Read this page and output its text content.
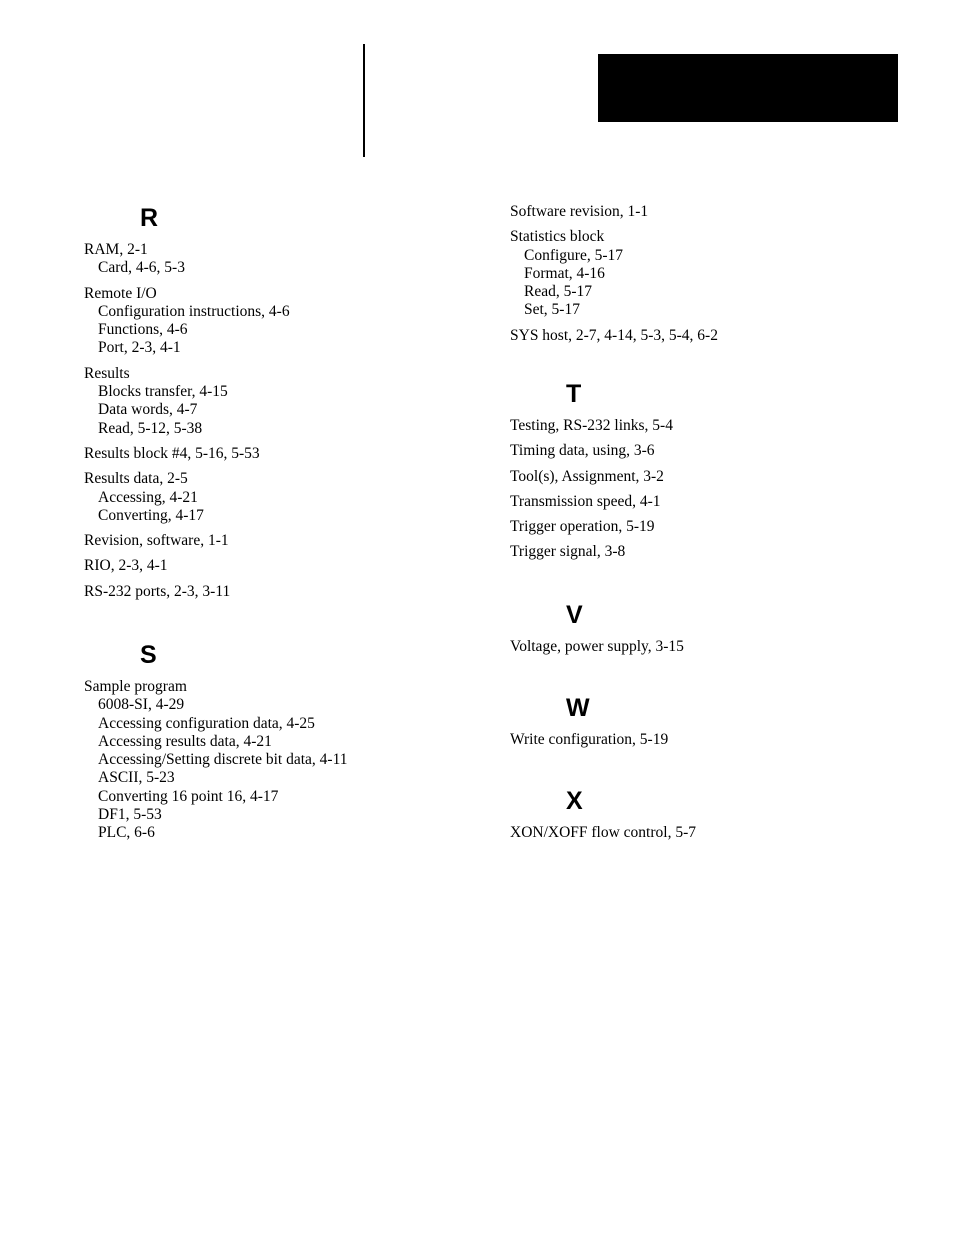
R
RAM, 2-1
Card, 4-6, 5-3
Remote I/O
Configuration instructions, 4-6
Functions, 4-6
Port, 2-3, 4-1
Results
Blocks transfer, 4-15
Data words, 4-7
Read, 5-12, 5-38
Results block #4, 5-16, 5-53
Results data, 2-5
Accessing, 4-21
Converting, 4-17
Revision, software, 1-1
RIO, 2-3, 4-1
RS-232 ports, 2-3, 3-11
S
Sample program
6008-SI, 4-29
Accessing configuration data, 4-25
Accessing results data, 4-21
Accessing/Setting discrete bit data, 4-11
ASCII, 5-23
Converting 16 point 16, 4-17
DF1, 5-53
PLC, 6-6
Software revision, 1-1
Statistics block
Configure, 5-17
Format, 4-16
Read, 5-17
Set, 5-17
SYS host, 2-7, 4-14, 5-3, 5-4, 6-2
T
Testing, RS-232 links, 5-4
Timing data, using, 3-6
Tool(s), Assignment, 3-2
Transmission speed, 4-1
Trigger operation, 5-19
Trigger signal, 3-8
V
Voltage, power supply, 3-15
W
Write configuration, 5-19
X
XON/XOFF flow control, 5-7
